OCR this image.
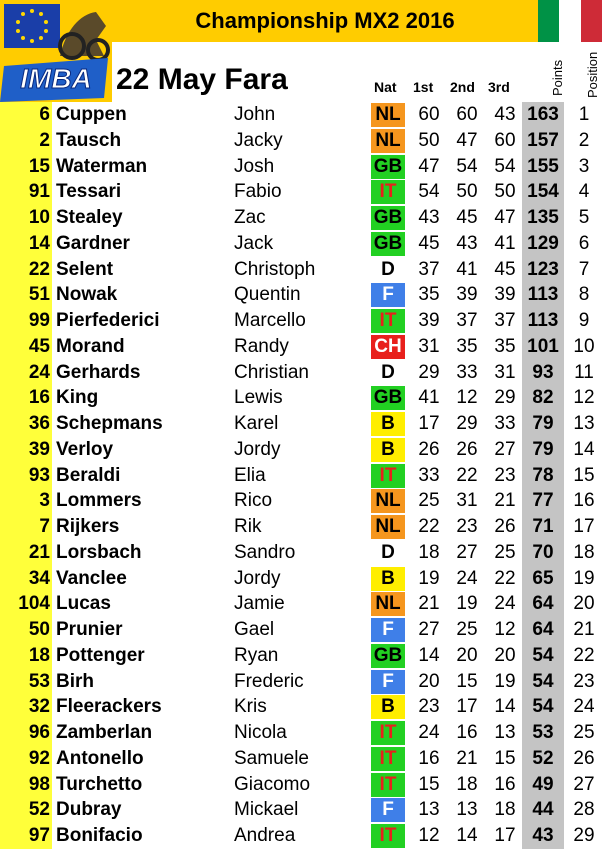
Championship MX2 2016
IMBA 22 May Fara	Nat 1st 2nd 3rd	Points Position
6 Cuppen	John	NL 60 60 43 163	1
2 Tausch	Jacky	NL 50 47 60 157	2
15 Waterman	Josh	GB 47 54 54 155	3
91 Tessari	Fabio	IT	54 50 50 154	4
10 Stealey	Zac	GB 43 45 47 135	5
14 Gardner	Jack	GB 45 43 41 129	6
22 Selent	Christoph	D	37 41 45 123	7
51 Nowak	Quentin	F	35 39 39 113	8
99 Pierfederici	Marcello	IT	39 37 37 113	9
45 Morand	Randy	CH 31 35 35 101 10
24 Gerhards	Christian	D	29 33 31 93	11
16 King	Lewis	GB 41 12 29 82	12
36 Schepmans	Karel	B	17 29 33 79	13
39 Verloy	Jordy	B	26 26 27 79	14
93 Beraldi	Elia	IT	33 22 23 78	15
3 Lommers	Rico	NL 25 31 21 77	16
7 Rijkers	Rik	NL 22 23 26 71	17
21 Lorsbach	Sandro	D	18 27 25 70	18
34 Vanclee	Jordy	B	19 24 22 65	19
104 Lucas	Jamie	NL 21 19 24 64	20
50 Prunier	Gael	F	27 25 12 64	21
18 Pottenger	Ryan	GB 14 20 20 54	22
53 Birh	Frederic	F	20 15 19 54	23
32 Fleerackers	Kris	B	23 17 14 54	24
96 Zamberlan	Nicola	IT	24 16 13 53	25
92 Antonello	Samuele	IT	16 21 15 52	26
98 Turchetto	Giacomo	IT	15 18 16 49	27
52 Dubray	Mickael	F	13 13 18 44	28
97 Bonifacio	Andrea	IT	12 14 17 43	29
